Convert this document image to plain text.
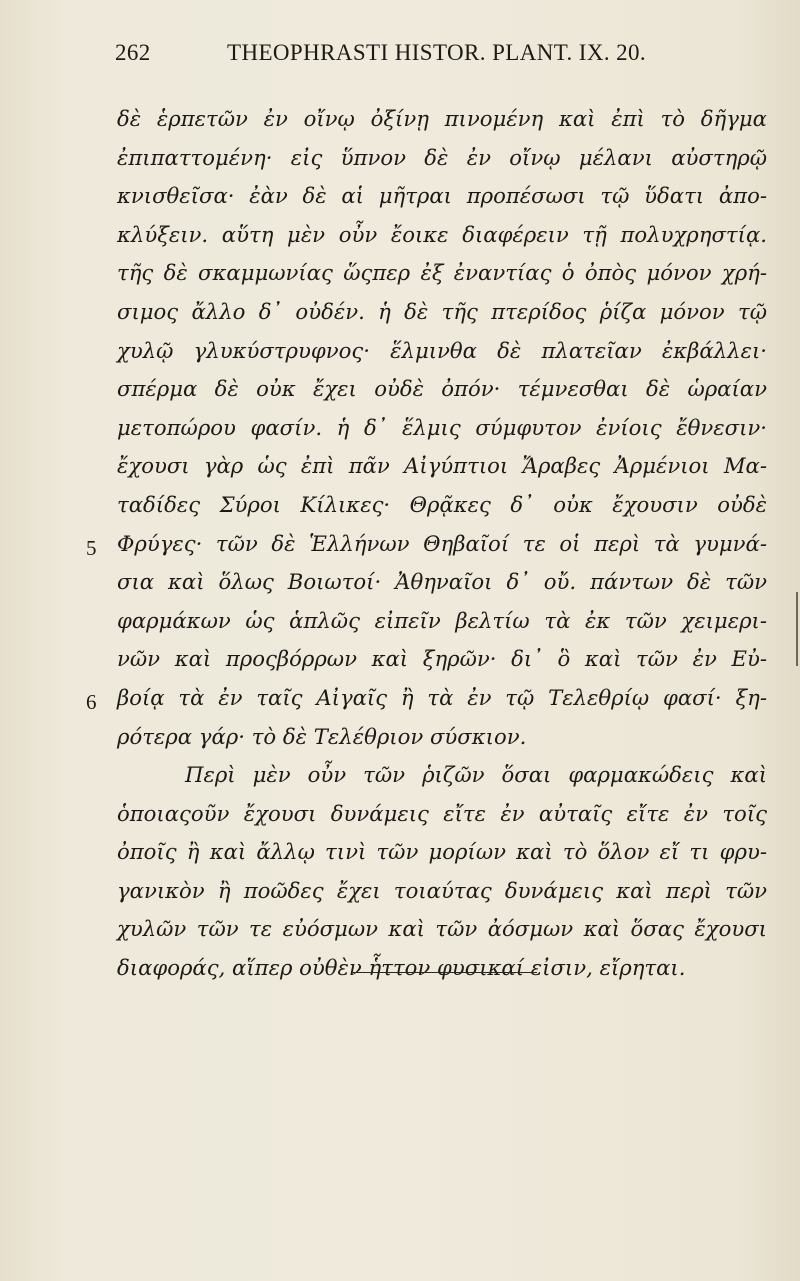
262	THEOPHRASTI HISTOR. PLANT. IX. 20.
5
6
δὲ ἑρπετῶν ἐν οἴνῳ ὀξίνῃ πινομένη καὶ ἐπὶ τὸ δῆγμα
ἐπιπαττομένη· εἰς ὕπνον δὲ ἐν οἴνῳ μέλανι αὐστηρῷ
κνισθεῖσα· ἐὰν δὲ αἱ μῆτραι προπέσωσι τῷ ὕδατι ἀπο-
κλύξειν. αὕτη μὲν οὖν ἔοικε διαφέρειν τῇ πολυχρηστίᾳ.
τῆς δὲ σκαμμωνίας ὥςπερ ἐξ ἐναντίας ὁ ὀπὸς μόνον χρή-
σιμος ἄλλο δ᾽ οὐδέν. ἡ δὲ τῆς πτερίδος ῥίζα μόνον τῷ
χυλῷ γλυκύστρυφνος· ἕλμινθα δὲ πλατεῖαν ἐκβάλλει·
σπέρμα δὲ οὐκ ἔχει οὐδὲ ὀπόν· τέμνεσθαι δὲ ὡραίαν
μετοπώρου φασίν. ἡ δ᾽ ἕλμις σύμφυτον ἐνίοις ἔθνεσιν·
ἔχουσι γὰρ ὡς ἐπὶ πᾶν Αἰγύπτιοι Ἄραβες Ἀρμένιοι Μα-
ταδίδες Σύροι Κίλικες· Θρᾷκες δ᾽ οὐκ ἔχουσιν οὐδὲ
Φρύγες· τῶν δὲ Ἑλλήνων Θηβαῖοί τε οἱ περὶ τὰ γυμνά-
σια καὶ ὅλως Βοιωτοί· Ἀθηναῖοι δ᾽ οὔ. πάντων δὲ τῶν
φαρμάκων ὡς ἁπλῶς εἰπεῖν βελτίω τὰ ἐκ τῶν χειμερι-
νῶν καὶ προςβόρρων καὶ ξηρῶν· δι᾽ ὃ καὶ τῶν ἐν Εὐ-
βοίᾳ τὰ ἐν ταῖς Αἰγαῖς ἢ τὰ ἐν τῷ Τελεθρίῳ φασί· ξη-
ρότερα γάρ· τὸ δὲ Τελέθριον σύσκιον.
Περὶ μὲν οὖν τῶν ῥιζῶν ὅσαι φαρμακώδεις καὶ
ὁποιαςοῦν ἔχουσι δυνάμεις εἴτε ἐν αὐταῖς εἴτε ἐν τοῖς
ὀποῖς ἢ καὶ ἄλλῳ τινὶ τῶν μορίων καὶ τὸ ὅλον εἴ τι φρυ-
γανικὸν ἢ ποῶδες ἔχει τοιαύτας δυνάμεις καὶ περὶ τῶν
χυλῶν τῶν τε εὐόσμων καὶ τῶν ἀόσμων καὶ ὅσας ἔχουσι
διαφοράς, αἵπερ οὐθὲν ἧττον φυσικαί εἰσιν, εἴρηται.
